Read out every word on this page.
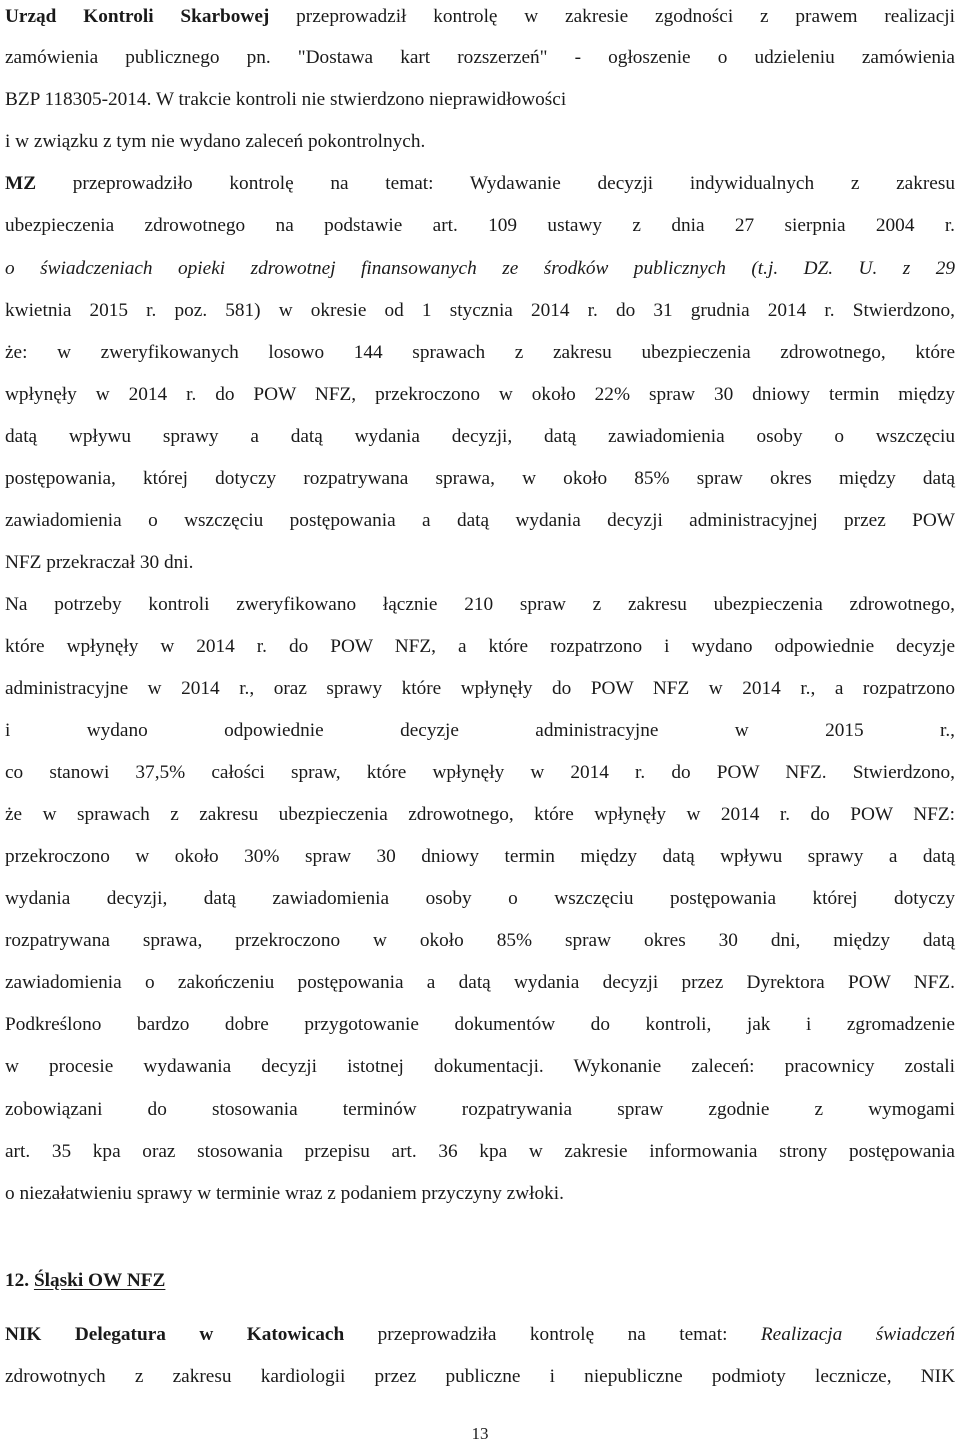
Urząd Kontroli Skarbowej przeprowadził kontrolę w zakresie zgodności z prawem realizacji
zamówienia publicznego pn. "Dostawa kart rozszerzeń" - ogłoszenie o udzieleniu zamówienia
BZP 118305-2014. W trakcie kontroli nie stwierdzono nieprawidłowości
i w związku z tym nie wydano zaleceń pokontrolnych.
MZ przeprowadziło kontrolę na temat: Wydawanie decyzji indywidualnych z zakresu
ubezpieczenia zdrowotnego na podstawie art. 109 ustawy z dnia 27 sierpnia 2004 r.
o świadczeniach opieki zdrowotnej finansowanych ze środków publicznych (t.j. DZ. U. z 29
kwietnia 2015 r. poz. 581) w okresie od 1 stycznia 2014 r. do 31 grudnia 2014 r. Stwierdzono,
że: w zweryfikowanych losowo 144 sprawach z zakresu ubezpieczenia zdrowotnego, które
wpłynęły w 2014 r. do POW NFZ, przekroczono w około 22% spraw 30 dniowy termin między
datą wpływu sprawy a datą wydania decyzji, datą zawiadomienia osoby o wszczęciu
postępowania, której dotyczy rozpatrywana sprawa, w około 85% spraw okres między datą
zawiadomienia o wszczęciu postępowania a datą wydania decyzji administracyjnej przez POW
NFZ przekraczał 30 dni.
Na potrzeby kontroli zweryfikowano łącznie 210 spraw z zakresu ubezpieczenia zdrowotnego,
które wpłynęły w 2014 r. do POW NFZ, a które rozpatrzono i wydano odpowiednie decyzje
administracyjne w 2014 r., oraz sprawy które wpłynęły do POW NFZ w 2014 r., a rozpatrzono
i wydano odpowiednie decyzje administracyjne w 2015 r.,
co stanowi 37,5% całości spraw, które wpłynęły w 2014 r. do POW NFZ. Stwierdzono,
że w sprawach z zakresu ubezpieczenia zdrowotnego, które wpłynęły w 2014 r. do POW NFZ:
przekroczono w około 30% spraw 30 dniowy termin między datą wpływu sprawy a datą
wydania decyzji, datą zawiadomienia osoby o wszczęciu postępowania której dotyczy
rozpatrywana sprawa, przekroczono w około 85% spraw okres 30 dni, między datą
zawiadomienia o zakończeniu postępowania a datą wydania decyzji przez Dyrektora POW NFZ.
Podkreślono bardzo dobre przygotowanie dokumentów do kontroli, jak i zgromadzenie
w procesie wydawania decyzji istotnej dokumentacji. Wykonanie zaleceń: pracownicy zostali
zobowiązani do stosowania terminów rozpatrywania spraw zgodnie z wymogami
art. 35 kpa oraz stosowania przepisu art. 36 kpa w zakresie informowania strony postępowania
o niezałatwieniu sprawy w terminie wraz z podaniem przyczyny zwłoki.
NIK Delegatura w Katowicach przeprowadziła kontrolę na temat: Realizacja świadczeń
zdrowotnych z zakresu kardiologii przez publiczne i niepubliczne podmioty lecznicze, NIK
12. Śląski OW NFZ
13
